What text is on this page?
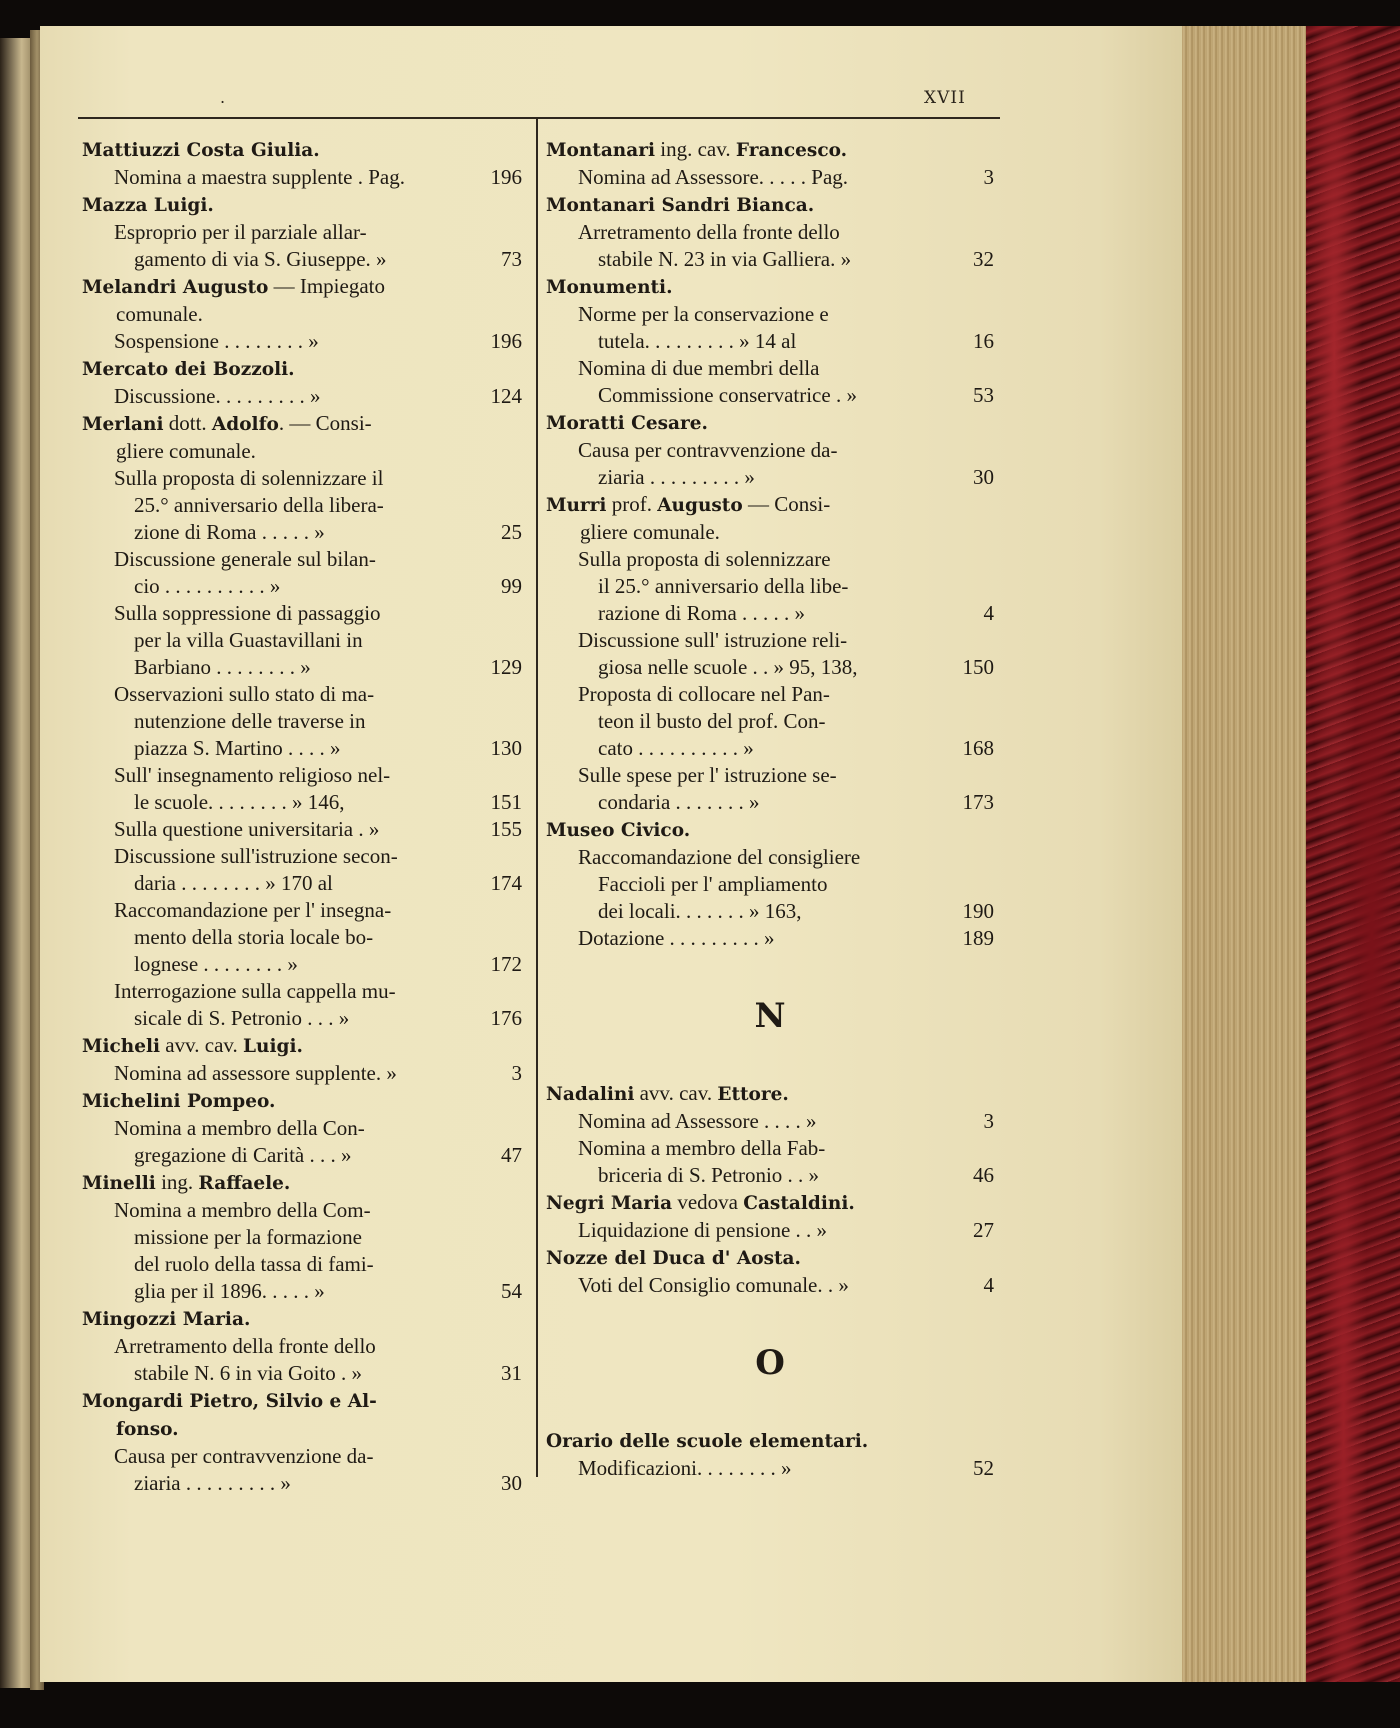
.	XVII
Mattiuzzi Costa Giulia.
Nomina a maestra supplente . Pag.	196
Mazza Luigi.
Esproprio per il parziale allar-
gamento di via S. Giuseppe. »	73
Melandri Augusto — Impiegato
comunale.
Sospensione . . . . . . . . »	196
Mercato dei Bozzoli.
Discussione. . . . . . . . . »	124
Merlani dott. Adolfo. — Consi-
gliere comunale.
Sulla proposta di solennizzare il
25.° anniversario della libera-
zione di Roma . . . . . »	25
Discussione generale sul bilan-
cio . . . . . . . . . . »	99
Sulla soppressione di passaggio
per la villa Guastavillani in
Barbiano . . . . . . . . »	129
Osservazioni sullo stato di ma-
nutenzione delle traverse in
piazza S. Martino . . . . »	130
Sull' insegnamento religioso nel-
le scuole. . . . . . . . » 146,	151
Sulla questione universitaria . »	155
Discussione sull'istruzione secon-
daria . . . . . . . . » 170 al	174
Raccomandazione per l' insegna-
mento della storia locale bo-
lognese . . . . . . . . »	172
Interrogazione sulla cappella mu-
sicale di S. Petronio . . . »	176
Micheli avv. cav. Luigi.
Nomina ad assessore supplente. »	3
Michelini Pompeo.
Nomina a membro della Con-
gregazione di Carità . . . »	47
Minelli ing. Raffaele.
Nomina a membro della Com-
missione per la formazione
del ruolo della tassa di fami-
glia per il 1896. . . . . »	54
Mingozzi Maria.
Arretramento della fronte dello
stabile N. 6 in via Goito . »	31
Mongardi Pietro, Silvio e Al-
fonso.
Causa per contravvenzione da-
ziaria . . . . . . . . . »	30
Montanari ing. cav. Francesco.
Nomina ad Assessore. . . . . Pag.	3
Montanari Sandri Bianca.
Arretramento della fronte dello
stabile N. 23 in via Galliera. »	32
Monumenti.
Norme per la conservazione e
tutela. . . . . . . . . » 14 al	16
Nomina di due membri della
Commissione conservatrice . »	53
Moratti Cesare.
Causa per contravvenzione da-
ziaria . . . . . . . . . »	30
Murri prof. Augusto — Consi-
gliere comunale.
Sulla proposta di solennizzare
il 25.° anniversario della libe-
razione di Roma . . . . . »	4
Discussione sull' istruzione reli-
giosa nelle scuole . . » 95, 138,	150
Proposta di collocare nel Pan-
teon il busto del prof. Con-
cato . . . . . . . . . . »	168
Sulle spese per l' istruzione se-
condaria . . . . . . . »	173
Museo Civico.
Raccomandazione del consigliere
Faccioli per l' ampliamento
dei locali. . . . . . . » 163,	190
Dotazione . . . . . . . . . »	189
N
Nadalini avv. cav. Ettore.
Nomina ad Assessore . . . . »	3
Nomina a membro della Fab-
briceria di S. Petronio . . »	46
Negri Maria vedova Castaldini.
Liquidazione di pensione . . »	27
Nozze del Duca d' Aosta.
Voti del Consiglio comunale. . »	4
O
Orario delle scuole elementari.
Modificazioni. . . . . . . . »	52
